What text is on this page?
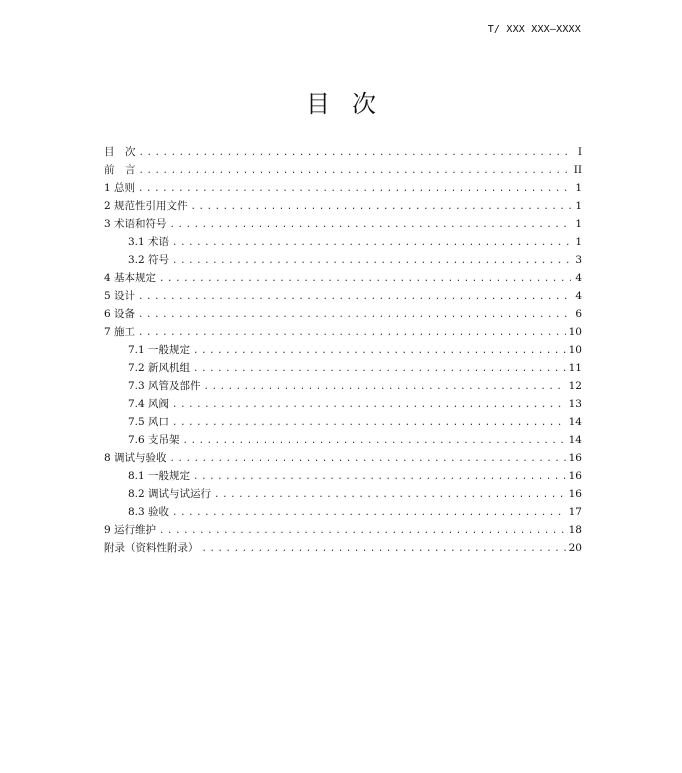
T/ XXX XXX—XXXX
目次
目　次 .....	I
前　言 .....	II
1 总则 .....	1
2 规范性引用文件 .....	1
3 术语和符号 .....	1
3.1 术语 .....	1
3.2 符号 .....	3
4 基本规定 .....	4
5 设计 .....	4
6 设备 .....	6
7 施工 .....	10
7.1 一般规定 .....	10
7.2 新风机组 .....	11
7.3 风管及部件 .....	12
7.4 风阀 .....	13
7.5 风口 .....	14
7.6 支吊架 .....	14
8 调试与验收 .....	16
8.1 一般规定 .....	16
8.2 调试与试运行 .....	16
8.3 验收 .....	17
9 运行维护 .....	18
附录（资料性附录） .....	20
